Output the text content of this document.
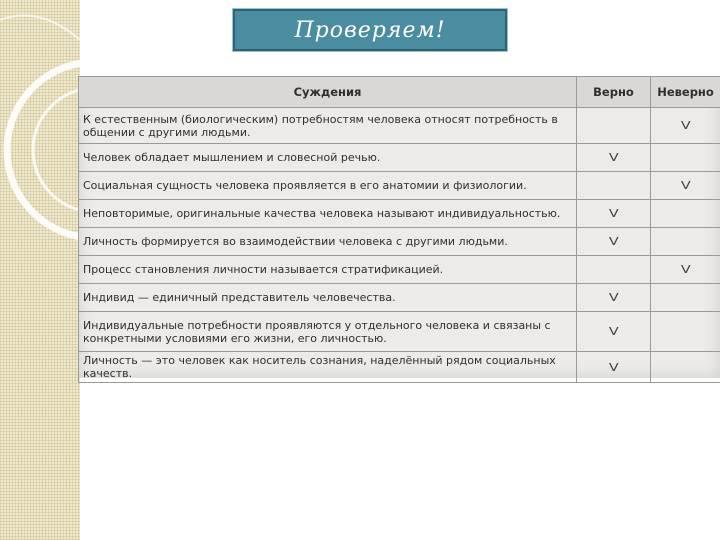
Проверяем!
Суждения	Верно	Неверно
К естественным (биологическим) потребностям человека относят потребность в общении с другими людьми.		V
Человек обладает мышлением и словесной речью.	V	
Социальная сущность человека проявляется в его анатомии и физиологии.		V
Неповторимые, оригинальные качества человека называют индивидуальностью.	V	
Личность формируется во взаимодействии человека с другими людьми.	V	
Процесс становления личности называется стратификацией.		V
Индивид — единичный представитель человечества.	V	
Индивидуальные потребности проявляются у отдельного человека и связаны с конкретными условиями его жизни, его личностью.	V	
Личность — это человек как носитель сознания, наделённый рядом социальных качеств.	V	
